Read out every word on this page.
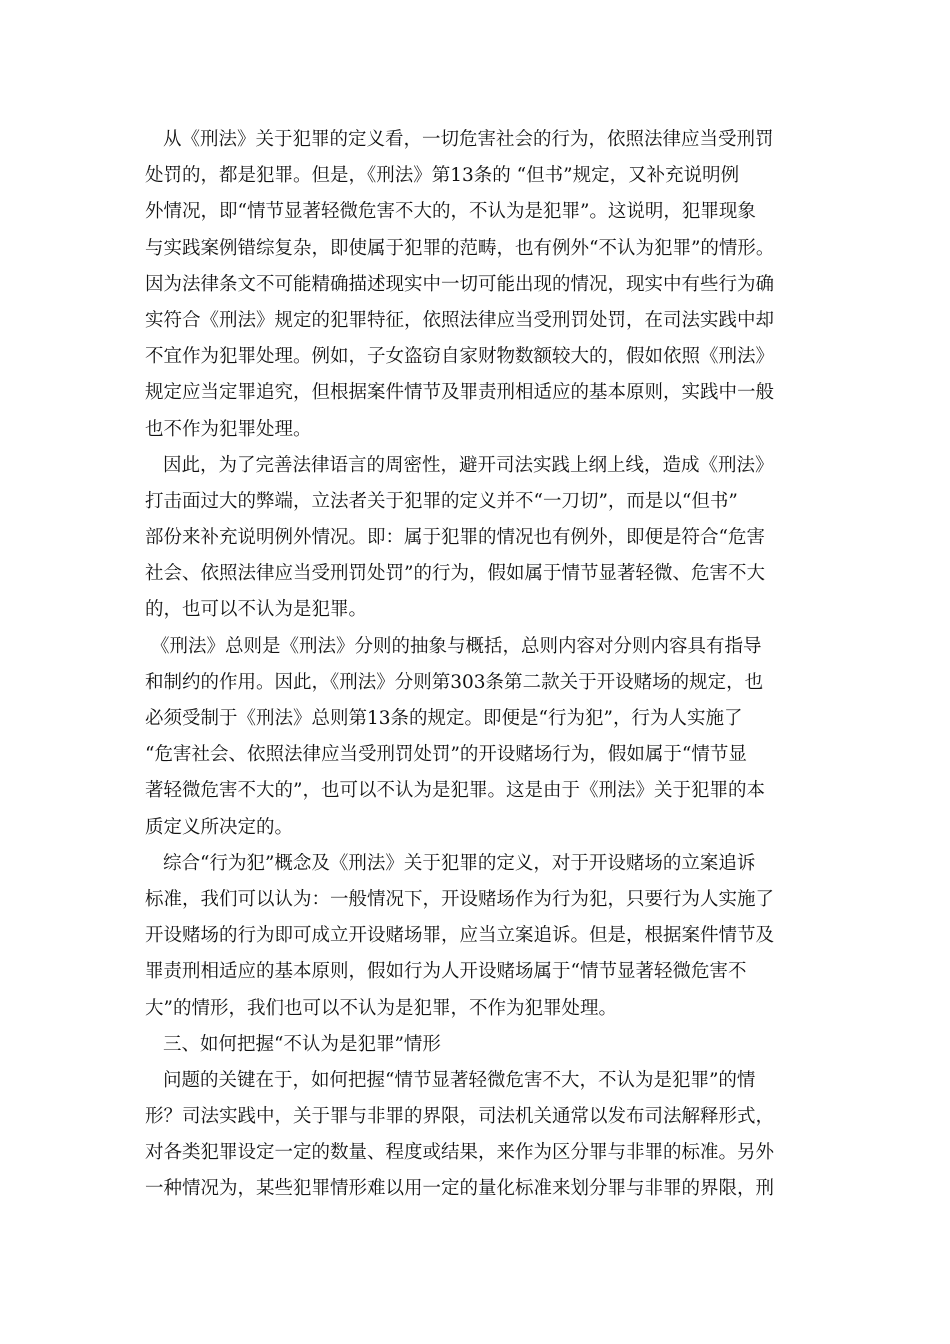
从《刑法》关于犯罪的定义看，一切危害社会的行为，依照法律应当受刑罚
处罚的，都是犯罪。但是，《刑法》第13条的 “但书”规定，又补充说明例
外情况，即“情节显著轻微危害不大的，不认为是犯罪”。这说明，犯罪现象
与实践案例错综复杂，即使属于犯罪的范畴，也有例外“不认为犯罪”的情形。
因为法律条文不可能精确描述现实中一切可能出现的情况，现实中有些行为确
实符合《刑法》规定的犯罪特征，依照法律应当受刑罚处罚，在司法实践中却
不宜作为犯罪处理。例如，子女盗窃自家财物数额较大的，假如依照《刑法》
规定应当定罪追究，但根据案件情节及罪责刑相适应的基本原则，实践中一般
也不作为犯罪处理。
因此，为了完善法律语言的周密性，避开司法实践上纲上线，造成《刑法》
打击面过大的弊端，立法者关于犯罪的定义并不“一刀切”，而是以“但书”
部份来补充说明例外情况。即：属于犯罪的情况也有例外，即便是符合“危害
社会、依照法律应当受刑罚处罚”的行为，假如属于情节显著轻微、危害不大
的，也可以不认为是犯罪。
《刑法》总则是《刑法》分则的抽象与概括，总则内容对分则内容具有指导
和制约的作用。因此，《刑法》分则第303条第二款关于开设赌场的规定，也
必须受制于《刑法》总则第13条的规定。即便是“行为犯”，行为人实施了
“危害社会、依照法律应当受刑罚处罚”的开设赌场行为，假如属于“情节显
著轻微危害不大的”，也可以不认为是犯罪。这是由于《刑法》关于犯罪的本
质定义所决定的。
综合“行为犯”概念及《刑法》关于犯罪的定义，对于开设赌场的立案追诉
标准，我们可以认为：一般情况下，开设赌场作为行为犯，只要行为人实施了
开设赌场的行为即可成立开设赌场罪，应当立案追诉。但是，根据案件情节及
罪责刑相适应的基本原则，假如行为人开设赌场属于“情节显著轻微危害不
大”的情形，我们也可以不认为是犯罪，不作为犯罪处理。
三、如何把握“不认为是犯罪”情形
问题的关键在于，如何把握“情节显著轻微危害不大，不认为是犯罪”的情
形？司法实践中，关于罪与非罪的界限，司法机关通常以发布司法解释形式，
对各类犯罪设定一定的数量、程度或结果，来作为区分罪与非罪的标准。另外
一种情况为，某些犯罪情形难以用一定的量化标准来划分罪与非罪的界限，刑
